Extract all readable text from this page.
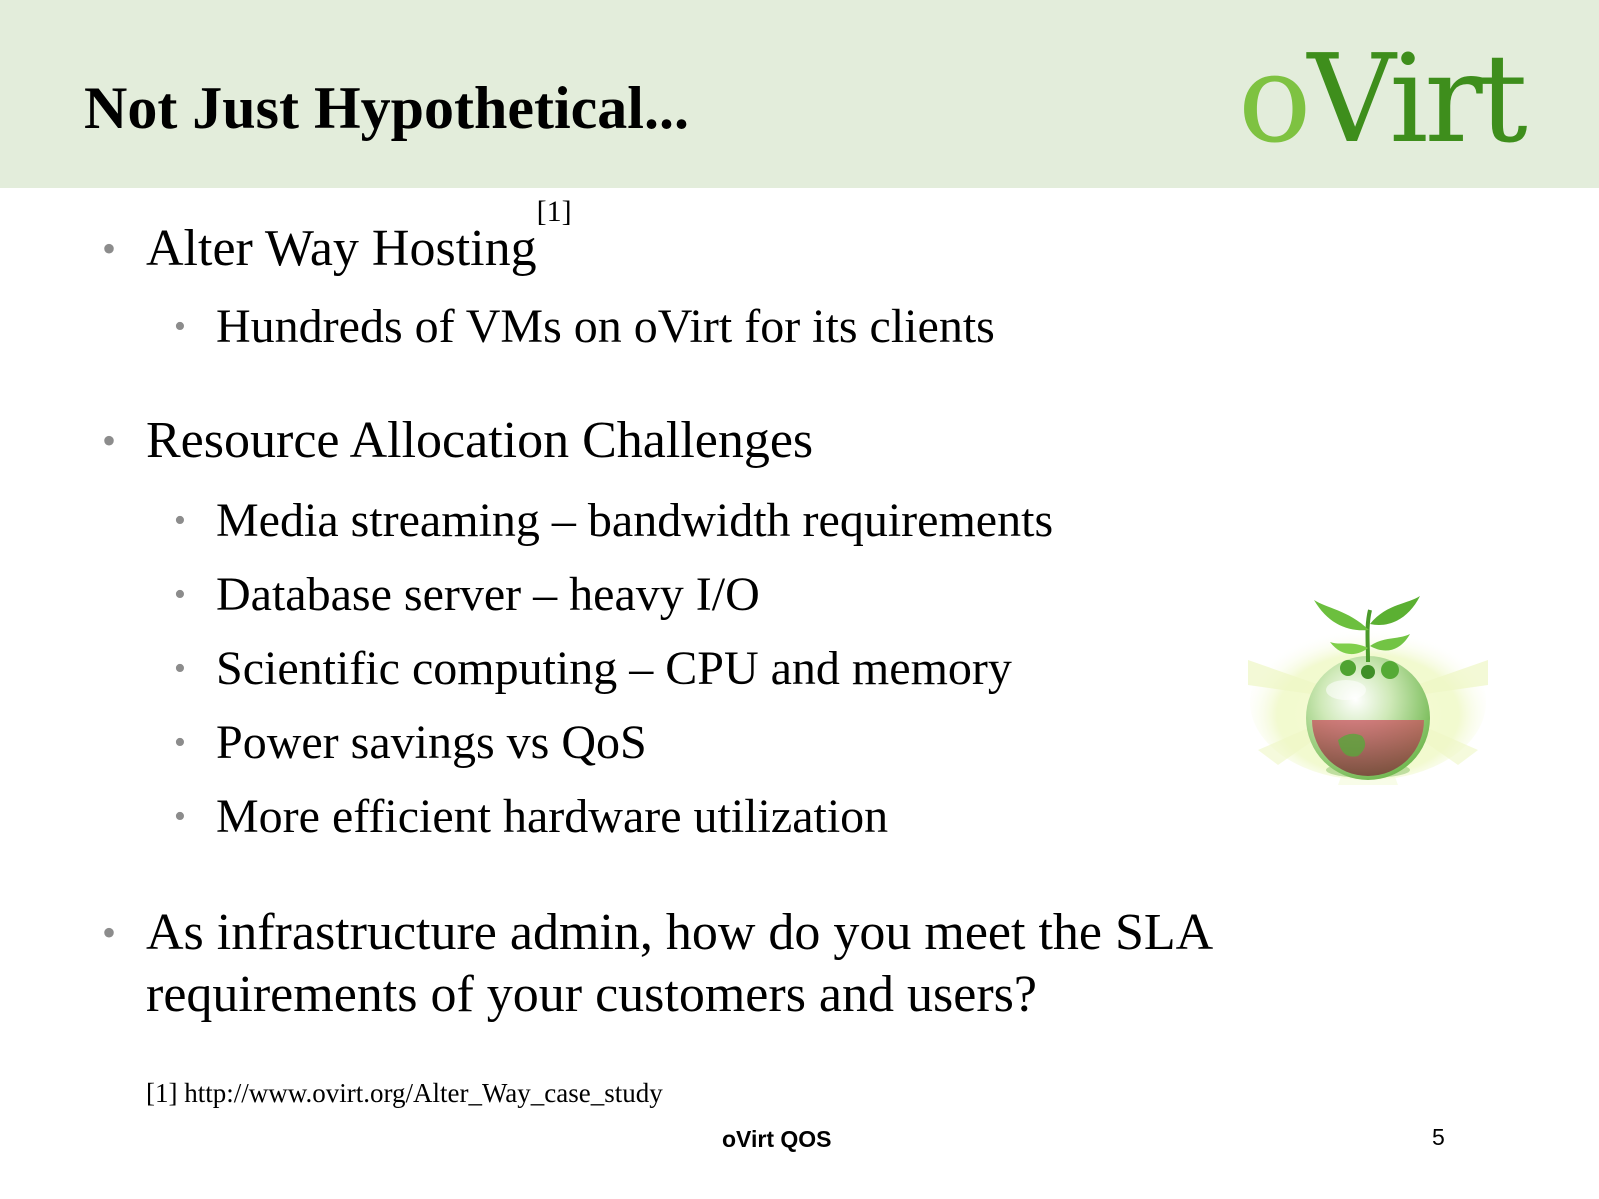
Not Just Hypothetical...	oVirt
• Alter Way Hosting[1]
• Hundreds of VMs on oVirt for its clients
• Resource Allocation Challenges
• Media streaming – bandwidth requirements
• Database server – heavy I/O
• Scientific computing – CPU and memory
• Power savings vs QoS
• More efficient hardware utilization
• As infrastructure admin, how do you meet the SLA
requirements of your customers and users?
[1] http://www.ovirt.org/Alter_Way_case_study
oVirt QOS	5
